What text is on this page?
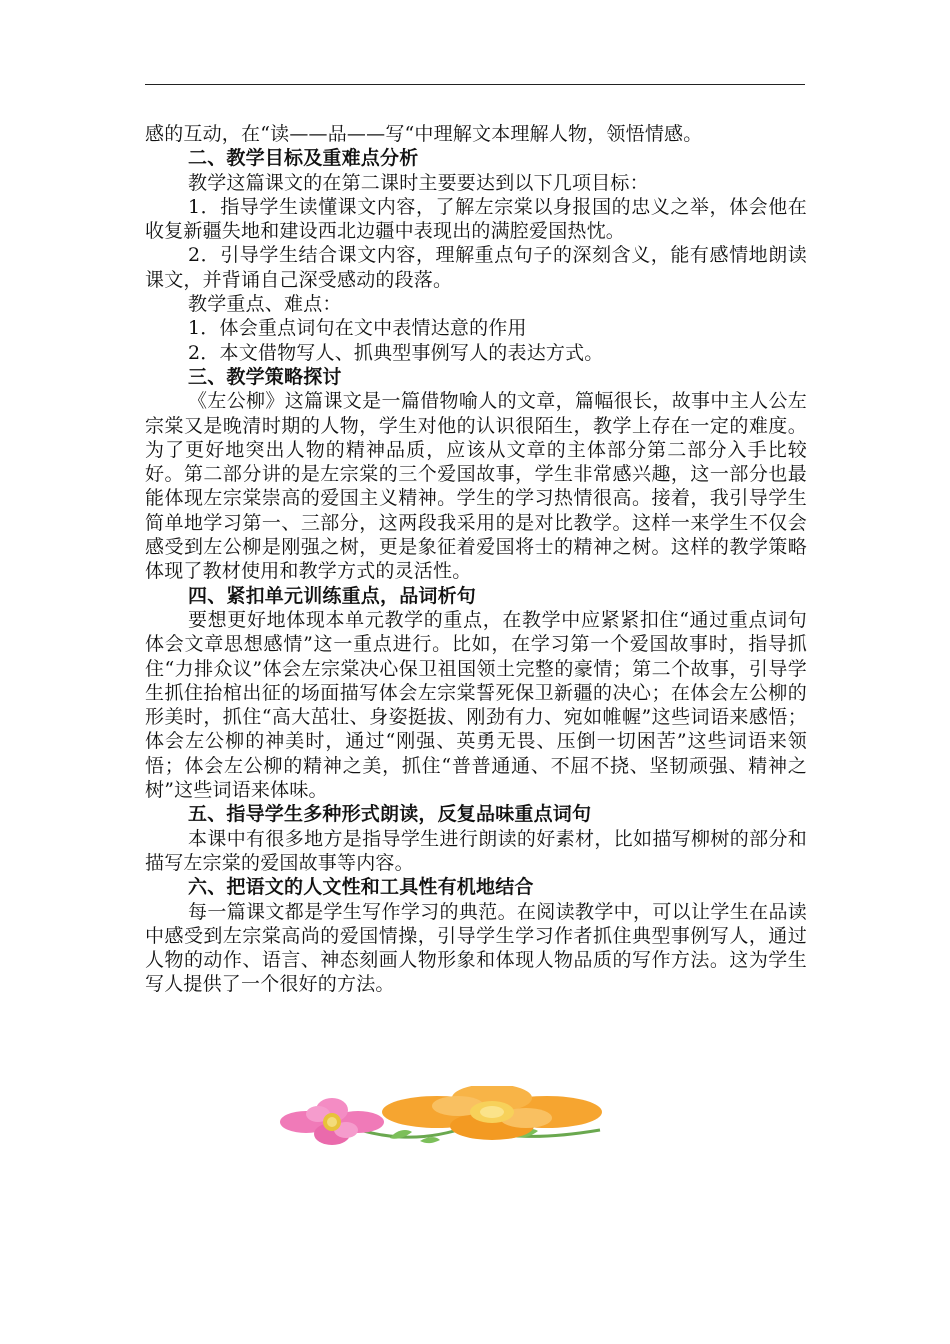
感的互动，在“读——品——写“中理解文本理解人物，领悟情感。

二、教学目标及重难点分析

教学这篇课文的在第二课时主要要达到以下几项目标：

1．指导学生读懂课文内容，了解左宗棠以身报国的忠义之举，体会他在收复新疆失地和建设西北边疆中表现出的满腔爱国热忱。

2．引导学生结合课文内容，理解重点句子的深刻含义，能有感情地朗读课文，并背诵自己深受感动的段落。

教学重点、难点：

1．体会重点词句在文中表情达意的作用

2．本文借物写人、抓典型事例写人的表达方式。

三、教学策略探讨

《左公柳》这篇课文是一篇借物喻人的文章，篇幅很长，故事中主人公左宗棠又是晚清时期的人物，学生对他的认识很陌生，教学上存在一定的难度。为了更好地突出人物的精神品质，应该从文章的主体部分第二部分入手比较好。第二部分讲的是左宗棠的三个爱国故事，学生非常感兴趣，这一部分也最能体现左宗棠崇高的爱国主义精神。学生的学习热情很高。接着，我引导学生简单地学习第一、三部分，这两段我采用的是对比教学。这样一来学生不仅会感受到左公柳是刚强之树，更是象征着爱国将士的精神之树。这样的教学策略体现了教材使用和教学方式的灵活性。

四、紧扣单元训练重点，品词析句

要想更好地体现本单元教学的重点，在教学中应紧紧扣住“通过重点词句体会文章思想感情”这一重点进行。比如，在学习第一个爱国故事时，指导抓住“力排众议”体会左宗棠决心保卫祖国领土完整的豪情；第二个故事，引导学生抓住抬棺出征的场面描写体会左宗棠誓死保卫新疆的决心；在体会左公柳的形美时，抓住“高大茁壮、身姿挺拔、刚劲有力、宛如帷幄”这些词语来感悟；体会左公柳的神美时，通过“刚强、英勇无畏、压倒一切困苦”这些词语来领悟；体会左公柳的精神之美，抓住“普普通通、不屈不挠、坚韧顽强、精神之树”这些词语来体味。

五、指导学生多种形式朗读，反复品味重点词句

本课中有很多地方是指导学生进行朗读的好素材，比如描写柳树的部分和描写左宗棠的爱国故事等内容。

六、把语文的人文性和工具性有机地结合

每一篇课文都是学生写作学习的典范。在阅读教学中，可以让学生在品读中感受到左宗棠高尚的爱国情操，引导学生学习作者抓住典型事例写人，通过人物的动作、语言、神态刻画人物形象和体现人物品质的写作方法。这为学生写人提供了一个很好的方法。
